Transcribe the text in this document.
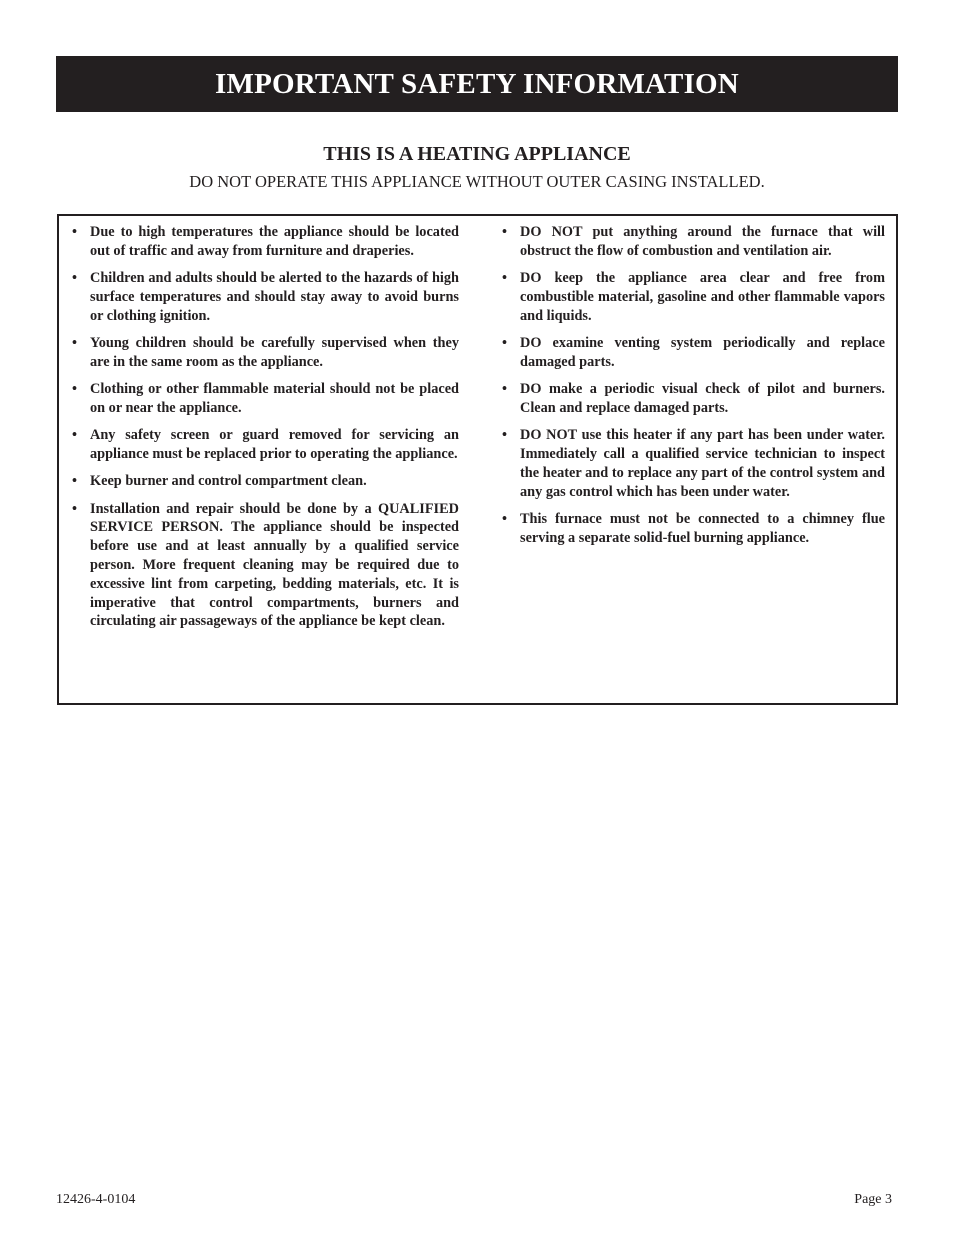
IMPORTANT SAFETY INFORMATION
THIS IS A HEATING APPLIANCE
DO NOT OPERATE THIS APPLIANCE WITHOUT OUTER CASING INSTALLED.
• Due to high temperatures the appliance should be located out of traffic and away from furniture and draperies.
• Children and adults should be alerted to the hazards of high surface temperatures and should stay away to avoid burns or clothing ignition.
• Young children should be carefully supervised when they are in the same room as the appliance.
• Clothing or other flammable material should not be placed on or near the appliance.
• Any safety screen or guard removed for servicing an appliance must be replaced prior to operating the appliance.
• Keep burner and control compartment clean.
• Installation and repair should be done by a QUALIFIED SERVICE PERSON. The appliance should be inspected before use and at least annually by a qualified service person. More frequent cleaning may be required due to excessive lint from carpeting, bedding materials, etc. It is imperative that control compartments, burners and circulating air passageways of the appliance be kept clean.
• DO NOT put anything around the furnace that will obstruct the flow of combustion and ventilation air.
• DO keep the appliance area clear and free from combustible material, gasoline and other flammable vapors and liquids.
• DO examine venting system periodically and replace damaged parts.
• DO make a periodic visual check of pilot and burners. Clean and replace damaged parts.
• DO NOT use this heater if any part has been under water. Immediately call a qualified service technician to inspect the heater and to replace any part of the control system and any gas control which has been under water.
• This furnace must not be connected to a chimney flue serving a separate solid-fuel burning appliance.
12426-4-0104	Page 3
